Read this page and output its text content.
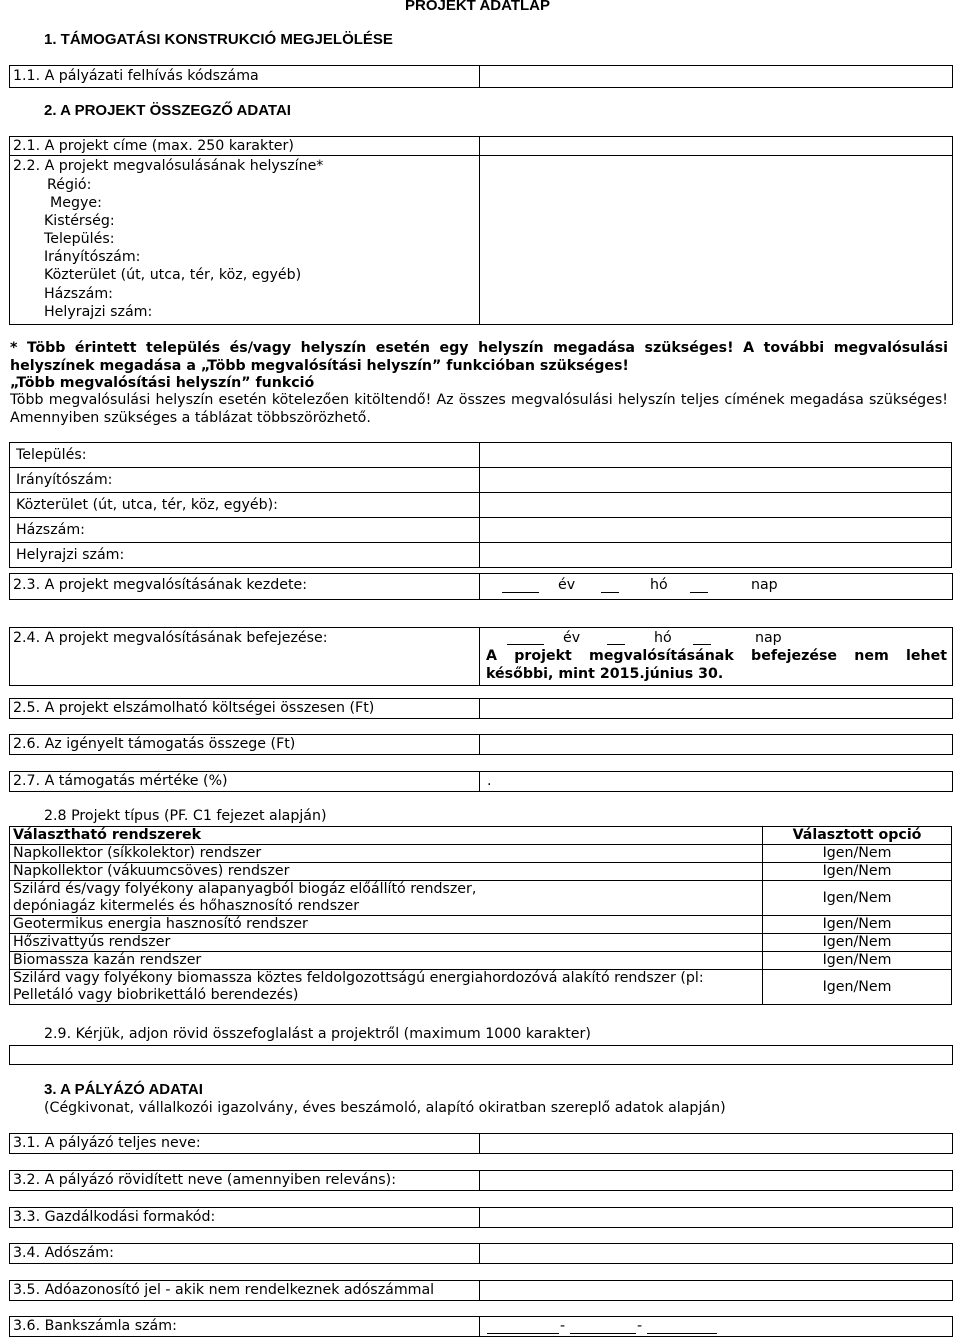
PROJEKT ADATLAP
1. TÁMOGATÁSI KONSTRUKCIÓ MEGJELÖLÉSE
1.1. A pályázati felhívás kódszáma
2. A PROJEKT ÖSSZEGZŐ ADATAI
2.1. A projekt címe (max. 250 karakter)
2.2. A projekt megvalósulásának helyszíne*
Régió:
Megye:
Kistérség:
Település:
Irányítószám:
Közterület (út, utca, tér, köz, egyéb)
Házszám:
Helyrajzi szám:
* Több érintett település és/vagy helyszín esetén egy helyszín megadása szükséges! A további megvalósulási helyszínek megadása a „Több megvalósítási helyszín” funkcióban szükséges!
„Több megvalósítási helyszín” funkció
Több megvalósulási helyszín esetén kötelezően kitöltendő! Az összes megvalósulási helyszín teljes címének megadása szükséges! Amennyiben szükséges a táblázat többszörözhető.
Település:	
Irányítószám:	
Közterület (út, utca, tér, köz, egyéb):	
Házszám:	
Helyrajzi szám:	
2.3. A projekt megvalósításának kezdete:	év	hó	nap
2.4. A projekt megvalósításának befejezése:	év	hó	nap
A projekt megvalósításának befejezése nem lehet későbbi, mint 2015.június 30.
2.5. A projekt elszámolható költségei összesen (Ft)
2.6. Az igényelt támogatás összege (Ft)
2.7. A támogatás mértéke (%)	.
2.8 Projekt típus (PF. C1 fejezet alapján)
Választható rendszerek	Választott opció
Napkollektor (síkkolektor) rendszer	Igen/Nem
Napkollektor (vákuumcsöves) rendszer	Igen/Nem
Szilárd és/vagy folyékony alapanyagból biogáz előállító rendszer, depóniagáz kitermelés és hőhasznosító rendszer	Igen/Nem
Geotermikus energia hasznosító rendszer	Igen/Nem
Hőszivattyús rendszer	Igen/Nem
Biomassza kazán rendszer	Igen/Nem
Szilárd vagy folyékony biomassza köztes feldolgozottságú energiahordozóvá alakító rendszer (pl: Pelletáló vagy biobrikettáló berendezés)	Igen/Nem
2.9. Kérjük, adjon rövid összefoglalást a projektről (maximum 1000 karakter)
3. A PÁLYÁZÓ ADATAI
(Cégkivonat, vállalkozói igazolvány, éves beszámoló, alapító okiratban szereplő adatok alapján)
3.1. A pályázó teljes neve:
3.2. A pályázó rövidített neve (amennyiben releváns):
3.3. Gazdálkodási formakód:
3.4. Adószám:
3.5. Adóazonosító jel - akik nem rendelkeznek adószámmal
3.6. Bankszámla szám:	-	-
